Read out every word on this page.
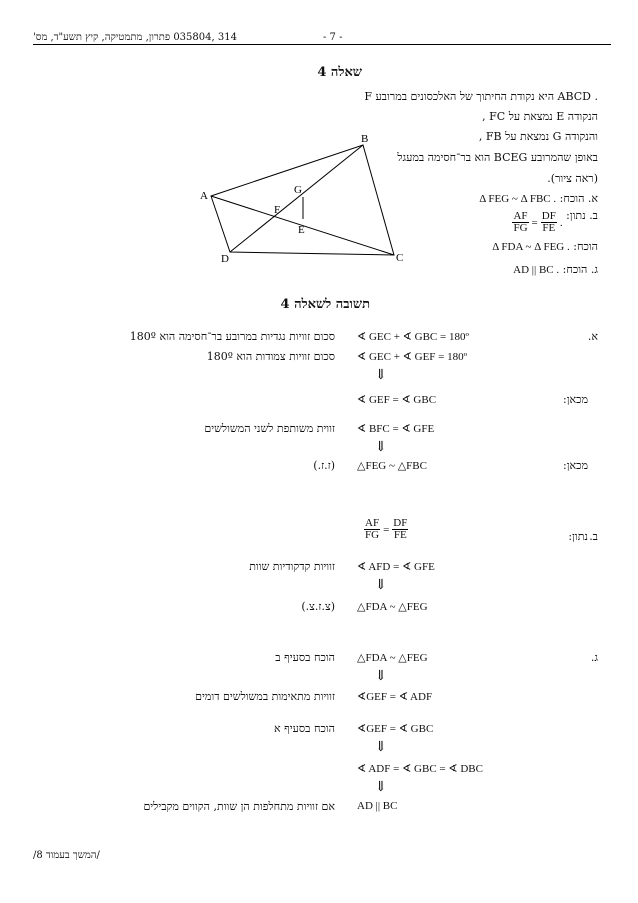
314 ,035804 פתרון, מתמטיקה, קיץ תשע"ד, מס'	- 7 -
שאלה 4
F היא נקודת החיתוך של האלכסונים במרובע ABCD .
הנקודה E נמצאת על FC ,
והנקודה G נמצאת על FB ,
באופן שהמרובע BCEG הוא בר־חסימה במעגל
(ראה ציור).
א. הוכח: Δ FEG ~ Δ FBC .
ב. נתון:
$\frac{AF}{FG} = \frac{DF}{FE}$ .
הוכח: Δ FDA ~ Δ FEG .
ג. הוכח: AD || BC .
A
B
C
D
E
F
G
תשובה לשאלה 4
א.
∢ GEC + ∢ GBC = 180º
סכום זוויות נגדיות במרובע בר־חסימה הוא 180º
∢ GEC + ∢ GEF = 180º
סכום זוויות צמודות הוא 180º
⇓
∢ GEF = ∢ GBC	מכאן:
∢ BFC = ∢ GFE
זווית משותפת לשני המשולשים
⇓
△FEG ~ △FBC	מכאן:
(ז.ז.)
ב.
נתון:
$\frac{AF}{FG} = \frac{DF}{FE}$
∢ AFD = ∢ GFE
זוויות קדקודיות שוות
⇓
△FDA ~ △FEG
(צ.ז.צ.)
ג.
△FDA ~ △FEG
הוכח בסעיף ב
⇓
∢GEF = ∢ ADF
זוויות מתאימות במשולשים דומים
∢GEF = ∢ GBC
הוכח בסעיף א
⇓
∢ ADF = ∢ GBC = ∢ DBC
⇓
AD || BC
אם זוויות מתחלפות הן שוות, הקווים מקבילים
/המשך בעמוד 8/
